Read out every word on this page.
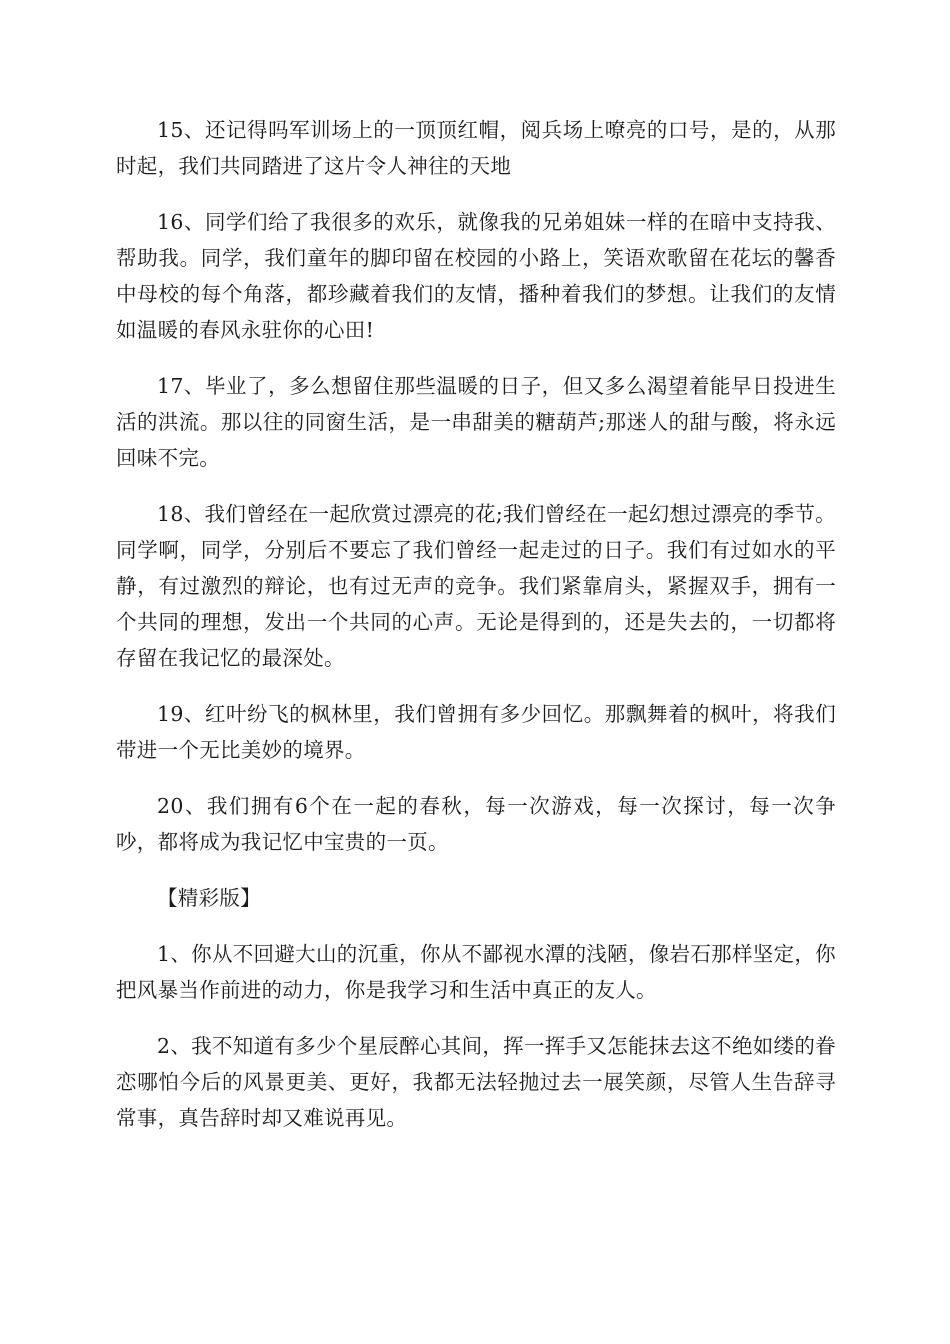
15、还记得吗军训场上的一顶顶红帽，阅兵场上嘹亮的口号，是的，从那时起，我们共同踏进了这片令人神往的天地

16、同学们给了我很多的欢乐，就像我的兄弟姐妹一样的在暗中支持我、帮助我。同学，我们童年的脚印留在校园的小路上，笑语欢歌留在花坛的馨香中母校的每个角落，都珍藏着我们的友情，播种着我们的梦想。让我们的友情如温暖的春风永驻你的心田!

17、毕业了，多么想留住那些温暖的日子，但又多么渴望着能早日投进生活的洪流。那以往的同窗生活，是一串甜美的糖葫芦;那迷人的甜与酸，将永远回味不完。

18、我们曾经在一起欣赏过漂亮的花;我们曾经在一起幻想过漂亮的季节。同学啊，同学，分别后不要忘了我们曾经一起走过的日子。我们有过如水的平静，有过激烈的辩论，也有过无声的竞争。我们紧靠肩头，紧握双手，拥有一个共同的理想，发出一个共同的心声。无论是得到的，还是失去的，一切都将存留在我记忆的最深处。

19、红叶纷飞的枫林里，我们曾拥有多少回忆。那飘舞着的枫叶，将我们带进一个无比美妙的境界。

20、我们拥有6个在一起的春秋，每一次游戏，每一次探讨，每一次争吵，都将成为我记忆中宝贵的一页。

【精彩版】

1、你从不回避大山的沉重，你从不鄙视水潭的浅陋，像岩石那样坚定，你把风暴当作前进的动力，你是我学习和生活中真正的友人。

2、我不知道有多少个星辰醉心其间，挥一挥手又怎能抹去这不绝如缕的眷恋哪怕今后的风景更美、更好，我都无法轻抛过去一展笑颜，尽管人生告辞寻常事，真告辞时却又难说再见。
